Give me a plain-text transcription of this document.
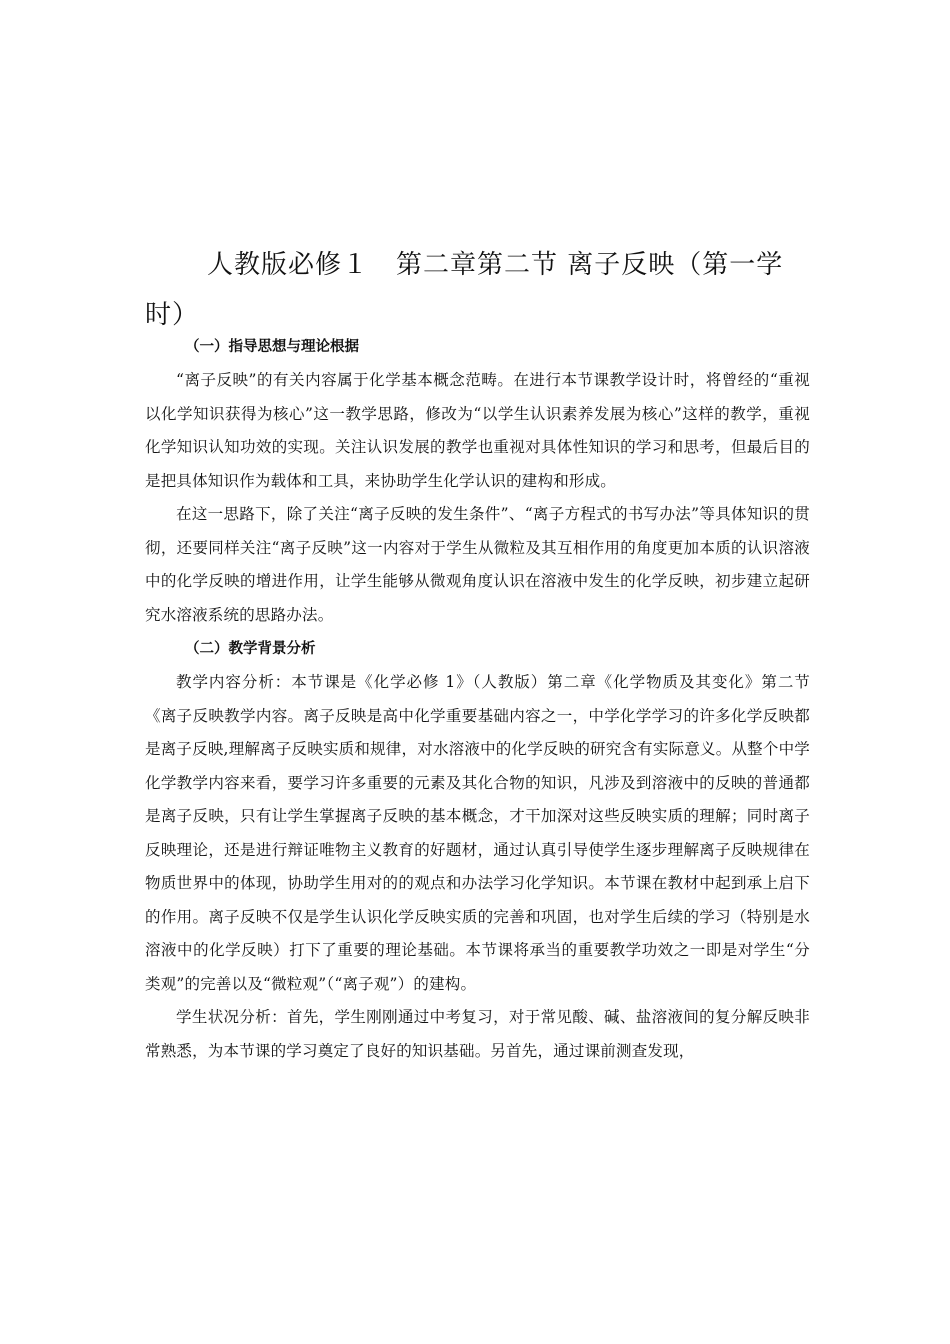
人教版必修１　第二章第二节 离子反映（第一学时）

（一）指导思想与理论根据

“离子反映”的有关内容属于化学基本概念范畴。在进行本节课教学设计时，将曾经的“重视以化学知识获得为核心”这一教学思路，修改为“以学生认识素养发展为核心”这样的教学，重视化学知识认知功效的实现。关注认识发展的教学也重视对具体性知识的学习和思考，但最后目的是把具体知识作为载体和工具，来协助学生化学认识的建构和形成。

在这一思路下，除了关注“离子反映的发生条件”、“离子方程式的书写办法”等具体知识的贯彻，还要同样关注“离子反映”这一内容对于学生从微粒及其互相作用的角度更加本质的认识溶液中的化学反映的增进作用，让学生能够从微观角度认识在溶液中发生的化学反映，初步建立起研究水溶液系统的思路办法。

（二）教学背景分析

教学内容分析：本节课是《化学必修 1》（人教版）第二章《化学物质及其变化》第二节《离子反映教学内容。离子反映是高中化学重要基础内容之一，中学化学学习的许多化学反映都是离子反映,理解离子反映实质和规律，对水溶液中的化学反映的研究含有实际意义。从整个中学化学教学内容来看，要学习许多重要的元素及其化合物的知识，凡涉及到溶液中的反映的普通都是离子反映，只有让学生掌握离子反映的基本概念，才干加深对这些反映实质的理解；同时离子反映理论，还是进行辩证唯物主义教育的好题材，通过认真引导使学生逐步理解离子反映规律在物质世界中的体现，协助学生用对的的观点和办法学习化学知识。本节课在教材中起到承上启下的作用。离子反映不仅是学生认识化学反映实质的完善和巩固，也对学生后续的学习（特别是水溶液中的化学反映）打下了重要的理论基础。本节课将承当的重要教学功效之一即是对学生“分类观”的完善以及“微粒观”（“离子观”）的建构。

学生状况分析：首先，学生刚刚通过中考复习，对于常见酸、碱、盐溶液间的复分解反映非常熟悉，为本节课的学习奠定了良好的知识基础。另首先，通过课前测查发现，
